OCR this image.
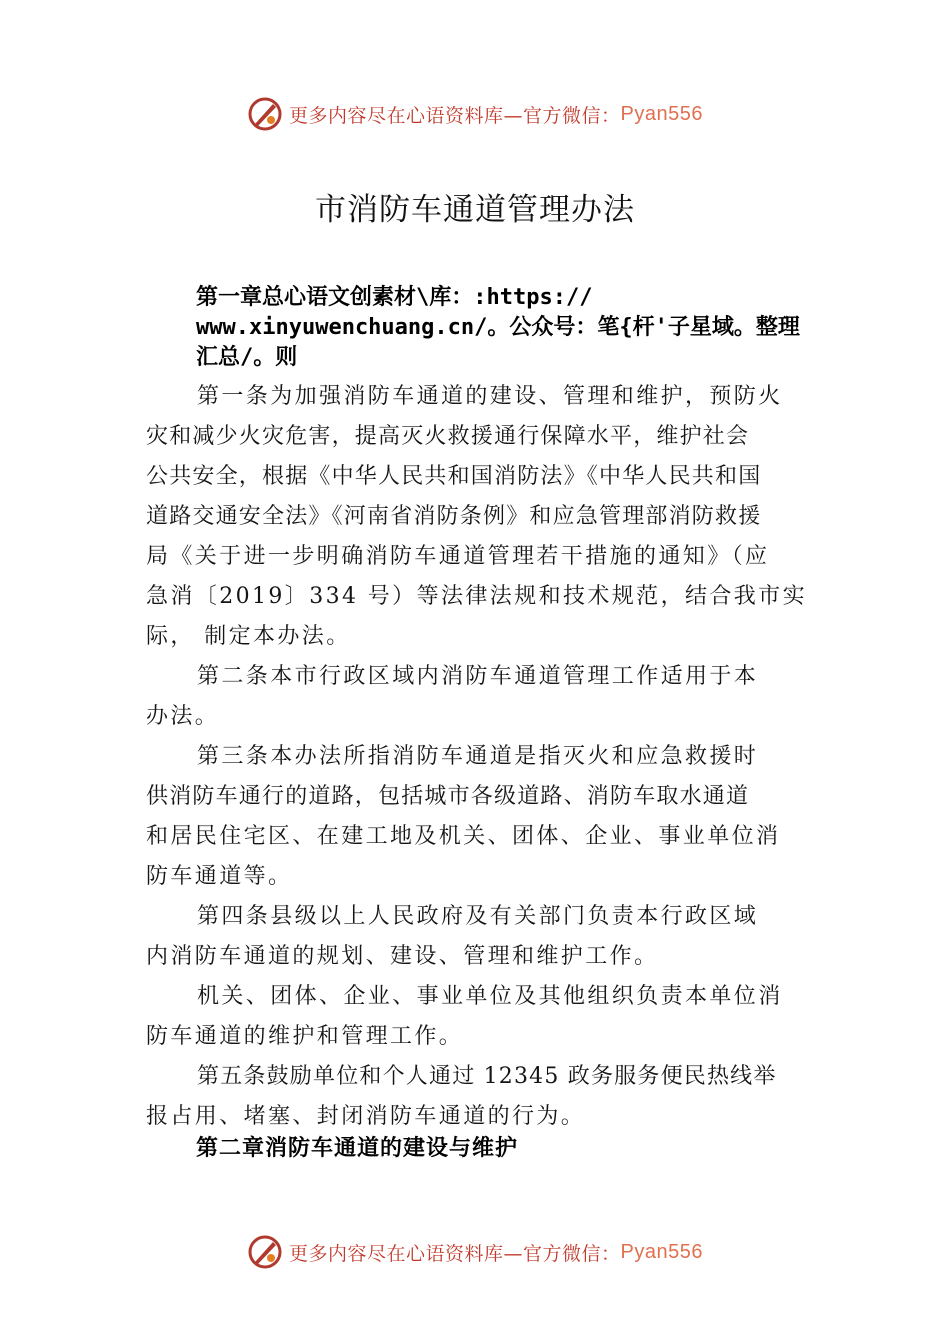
更多内容尽在心语资料库—官方微信： Pyan556
市消防车通道管理办法
第一章总心语文创素材\库：:https://
www.xinyuwenchuang.cn/。公众号：笔{杆'子星域。整理
汇总/。则
第一条为加强消防车通道的建设、管理和维护，预防火
灾和减少火灾危害，提高灭火救援通行保障水平，维护社会
公共安全，根据《中华人民共和国消防法》《中华人民共和国
道路交通安全法》《河南省消防条例》和应急管理部消防救援
局《关于进一步明确消防车通道管理若干措施的通知》（应
急消〔2019〕334 号）等法律法规和技术规范，结合我市实
际， 制定本办法。
第二条本市行政区域内消防车通道管理工作适用于本
办法。
第三条本办法所指消防车通道是指灭火和应急救援时
供消防车通行的道路，包括城市各级道路、消防车取水通道
和居民住宅区、在建工地及机关、团体、企业、事业单位消
防车通道等。
第四条县级以上人民政府及有关部门负责本行政区域
内消防车通道的规划、建设、管理和维护工作。
机关、团体、企业、事业单位及其他组织负责本单位消
防车通道的维护和管理工作。
第五条鼓励单位和个人通过 12345 政务服务便民热线举
报占用、堵塞、封闭消防车通道的行为。
第二章消防车通道的建设与维护
更多内容尽在心语资料库—官方微信： Pyan556
